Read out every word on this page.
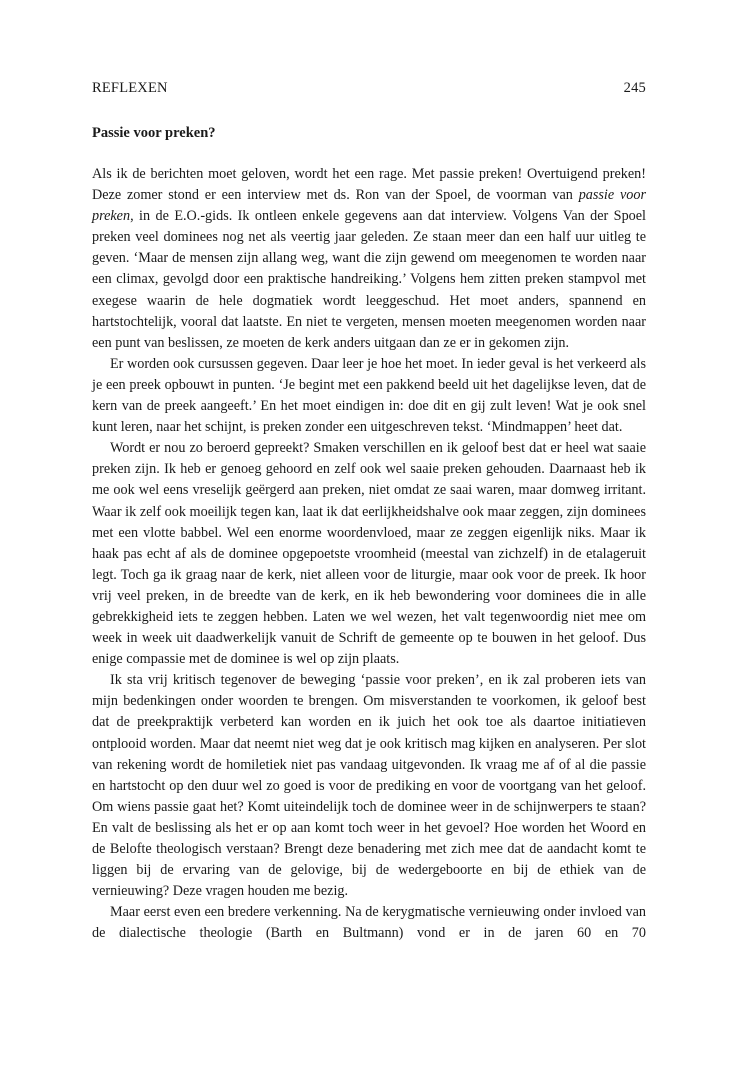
REFLEXEN	245
Passie voor preken?

Als ik de berichten moet geloven, wordt het een rage. Met passie preken! Overtuigend preken! Deze zomer stond er een interview met ds. Ron van der Spoel, de voorman van passie voor preken, in de E.O.-gids. Ik ontleen enkele gegevens aan dat interview. Volgens Van der Spoel preken veel dominees nog net als veertig jaar geleden. Ze staan meer dan een half uur uitleg te geven. ‘Maar de mensen zijn allang weg, want die zijn gewend om meegenomen te worden naar een climax, gevolgd door een praktische handreiking.’ Volgens hem zitten preken stampvol met exegese waarin de hele dogmatiek wordt leeggeschud. Het moet anders, spannend en hartstochtelijk, vooral dat laatste. En niet te vergeten, mensen moeten meegenomen worden naar een punt van beslissen, ze moeten de kerk anders uitgaan dan ze er in gekomen zijn.

Er worden ook cursussen gegeven. Daar leer je hoe het moet. In ieder geval is het verkeerd als je een preek opbouwt in punten. ‘Je begint met een pakkend beeld uit het dagelijkse leven, dat de kern van de preek aangeeft.’ En het moet eindigen in: doe dit en gij zult leven! Wat je ook snel kunt leren, naar het schijnt, is preken zonder een uitgeschreven tekst. ‘Mindmappen’ heet dat.

Wordt er nou zo beroerd gepreekt? Smaken verschillen en ik geloof best dat er heel wat saaie preken zijn. Ik heb er genoeg gehoord en zelf ook wel saaie preken gehouden. Daarnaast heb ik me ook wel eens vreselijk geërgerd aan preken, niet omdat ze saai waren, maar domweg irritant. Waar ik zelf ook moeilijk tegen kan, laat ik dat eerlijkheidshalve ook maar zeggen, zijn dominees met een vlotte babbel. Wel een enorme woordenvloed, maar ze zeggen eigenlijk niks. Maar ik haak pas echt af als de dominee opgepoetste vroomheid (meestal van zichzelf) in de etalageruit legt. Toch ga ik graag naar de kerk, niet alleen voor de liturgie, maar ook voor de preek. Ik hoor vrij veel preken, in de breedte van de kerk, en ik heb bewondering voor dominees die in alle gebrekkigheid iets te zeggen hebben. Laten we wel wezen, het valt tegenwoordig niet mee om week in week uit daadwerkelijk vanuit de Schrift de gemeente op te bouwen in het geloof. Dus enige compassie met de dominee is wel op zijn plaats.

Ik sta vrij kritisch tegenover de beweging ‘passie voor preken’, en ik zal proberen iets van mijn bedenkingen onder woorden te brengen. Om misverstanden te voorkomen, ik geloof best dat de preekpraktijk verbeterd kan worden en ik juich het ook toe als daartoe initiatieven ontplooid worden. Maar dat neemt niet weg dat je ook kritisch mag kijken en analyseren. Per slot van rekening wordt de homiletiek niet pas vandaag uitgevonden. Ik vraag me af of al die passie en hartstocht op den duur wel zo goed is voor de prediking en voor de voortgang van het geloof. Om wiens passie gaat het? Komt uiteindelijk toch de dominee weer in de schijnwerpers te staan? En valt de beslissing als het er op aan komt toch weer in het gevoel? Hoe worden het Woord en de Belofte theologisch verstaan? Brengt deze benadering met zich mee dat de aandacht komt te liggen bij de ervaring van de gelovige, bij de wedergeboorte en bij de ethiek van de vernieuwing? Deze vragen houden me bezig.

Maar eerst even een bredere verkenning. Na de kerygmatische vernieuwing onder invloed van de dialectische theologie (Barth en Bultmann) vond er in de jaren 60 en 70
